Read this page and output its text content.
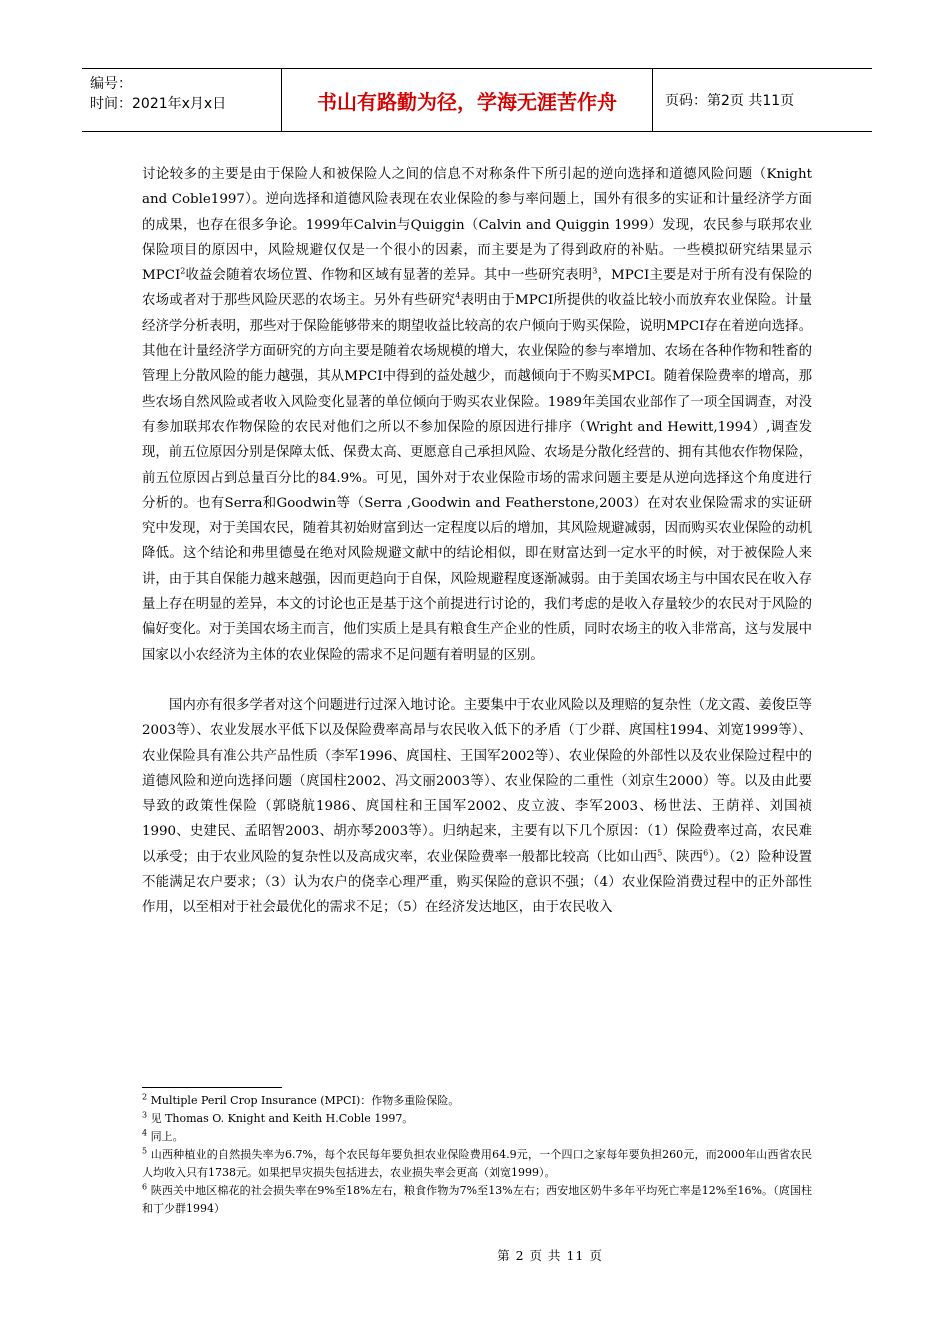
编号：
时间：2021年x月x日	书山有路勤为径，学海无涯苦作舟	页码：第2页 共11页

讨论较多的主要是由于保险人和被保险人之间的信息不对称条件下所引起的逆向选择和道德风险问题（Knight and Coble1997）。逆向选择和道德风险表现在农业保险的参与率问题上，国外有很多的实证和计量经济学方面的成果，也存在很多争论。1999年Calvin与Quiggin（Calvin and Quiggin 1999）发现，农民参与联邦农业保险项目的原因中，风险规避仅仅是一个很小的因素，而主要是为了得到政府的补贴。一些模拟研究结果显示MPCI$^2$收益会随着农场位置、作物和区域有显著的差异。其中一些研究表明$^3$，MPCI主要是对于所有没有保险的农场或者对于那些风险厌恶的农场主。另外有些研究$^4$表明由于MPCI所提供的收益比较小而放弃农业保险。计量经济学分析表明，那些对于保险能够带来的期望收益比较高的农户倾向于购买保险，说明MPCI存在着逆向选择。其他在计量经济学方面研究的方向主要是随着农场规模的增大，农业保险的参与率增加、农场在各种作物和牲畜的管理上分散风险的能力越强，其从MPCI中得到的益处越少，而越倾向于不购买MPCI。随着保险费率的增高，那些农场自然风险或者收入风险变化显著的单位倾向于购买农业保险。1989年美国农业部作了一项全国调查，对没有参加联邦农作物保险的农民对他们之所以不参加保险的原因进行排序（Wright and Hewitt,1994）,调查发现，前五位原因分别是保障太低、保费太高、更愿意自己承担风险、农场是分散化经营的、拥有其他农作物保险，前五位原因占到总量百分比的84.9%。可见，国外对于农业保险市场的需求问题主要是从逆向选择这个角度进行分析的。也有Serra和Goodwin等（Serra ,Goodwin and Featherstone,2003）在对农业保险需求的实证研究中发现，对于美国农民，随着其初始财富到达一定程度以后的增加，其风险规避减弱，因而购买农业保险的动机降低。这个结论和弗里德曼在绝对风险规避文献中的结论相似，即在财富达到一定水平的时候，对于被保险人来讲，由于其自保能力越来越强，因而更趋向于自保，风险规避程度逐渐减弱。由于美国农场主与中国农民在收入存量上存在明显的差异，本文的讨论也正是基于这个前提进行讨论的，我们考虑的是收入存量较少的农民对于风险的偏好变化。对于美国农场主而言，他们实质上是具有粮食生产企业的性质，同时农场主的收入非常高，这与发展中国家以小农经济为主体的农业保险的需求不足问题有着明显的区别。

国内亦有很多学者对这个问题进行过深入地讨论。主要集中于农业风险以及理赔的复杂性（龙文霞、姜俊臣等2003等）、农业发展水平低下以及保险费率高昂与农民收入低下的矛盾（丁少群、庹国柱1994、刘宽1999等）、农业保险具有准公共产品性质（李军1996、庹国柱、王国军2002等）、农业保险的外部性以及农业保险过程中的道德风险和逆向选择问题（庹国柱2002、冯文丽2003等）、农业保险的二重性（刘京生2000）等。以及由此要导致的政策性保险（郭晓航1986、庹国柱和王国军2002、皮立波、李军2003、杨世法、王荫祥、刘国祯1990、史建民、孟昭智2003、胡亦琴2003等）。归纳起来，主要有以下几个原因：（1）保险费率过高，农民难以承受；由于农业风险的复杂性以及高成灾率，农业保险费率一般都比较高（比如山西$^5$、陕西$^6$）。（2）险种设置不能满足农户要求；（3）认为农户的侥幸心理严重，购买保险的意识不强；（4）农业保险消费过程中的正外部性作用，以至相对于社会最优化的需求不足；（5）在经济发达地区，由于农民收入

$^2$ Multiple Peril Crop Insurance (MPCI)：作物多重险保险。

$^3$ 见 Thomas O. Knight and Keith H.Coble 1997。

$^4$ 同上。

$^5$ 山西种植业的自然损失率为6.7%，每个农民每年要负担农业保险费用64.9元，一个四口之家每年要负担260元，而2000年山西省农民人均收入只有1738元。如果把旱灾损失包括进去，农业损失率会更高（刘宽1999）。

$^6$ 陕西关中地区棉花的社会损失率在9%至18%左右，粮食作物为7%至13%左右；西安地区奶牛多年平均死亡率是12%至16%。（庹国柱和丁少群1994）

第 2 页 共 11 页
